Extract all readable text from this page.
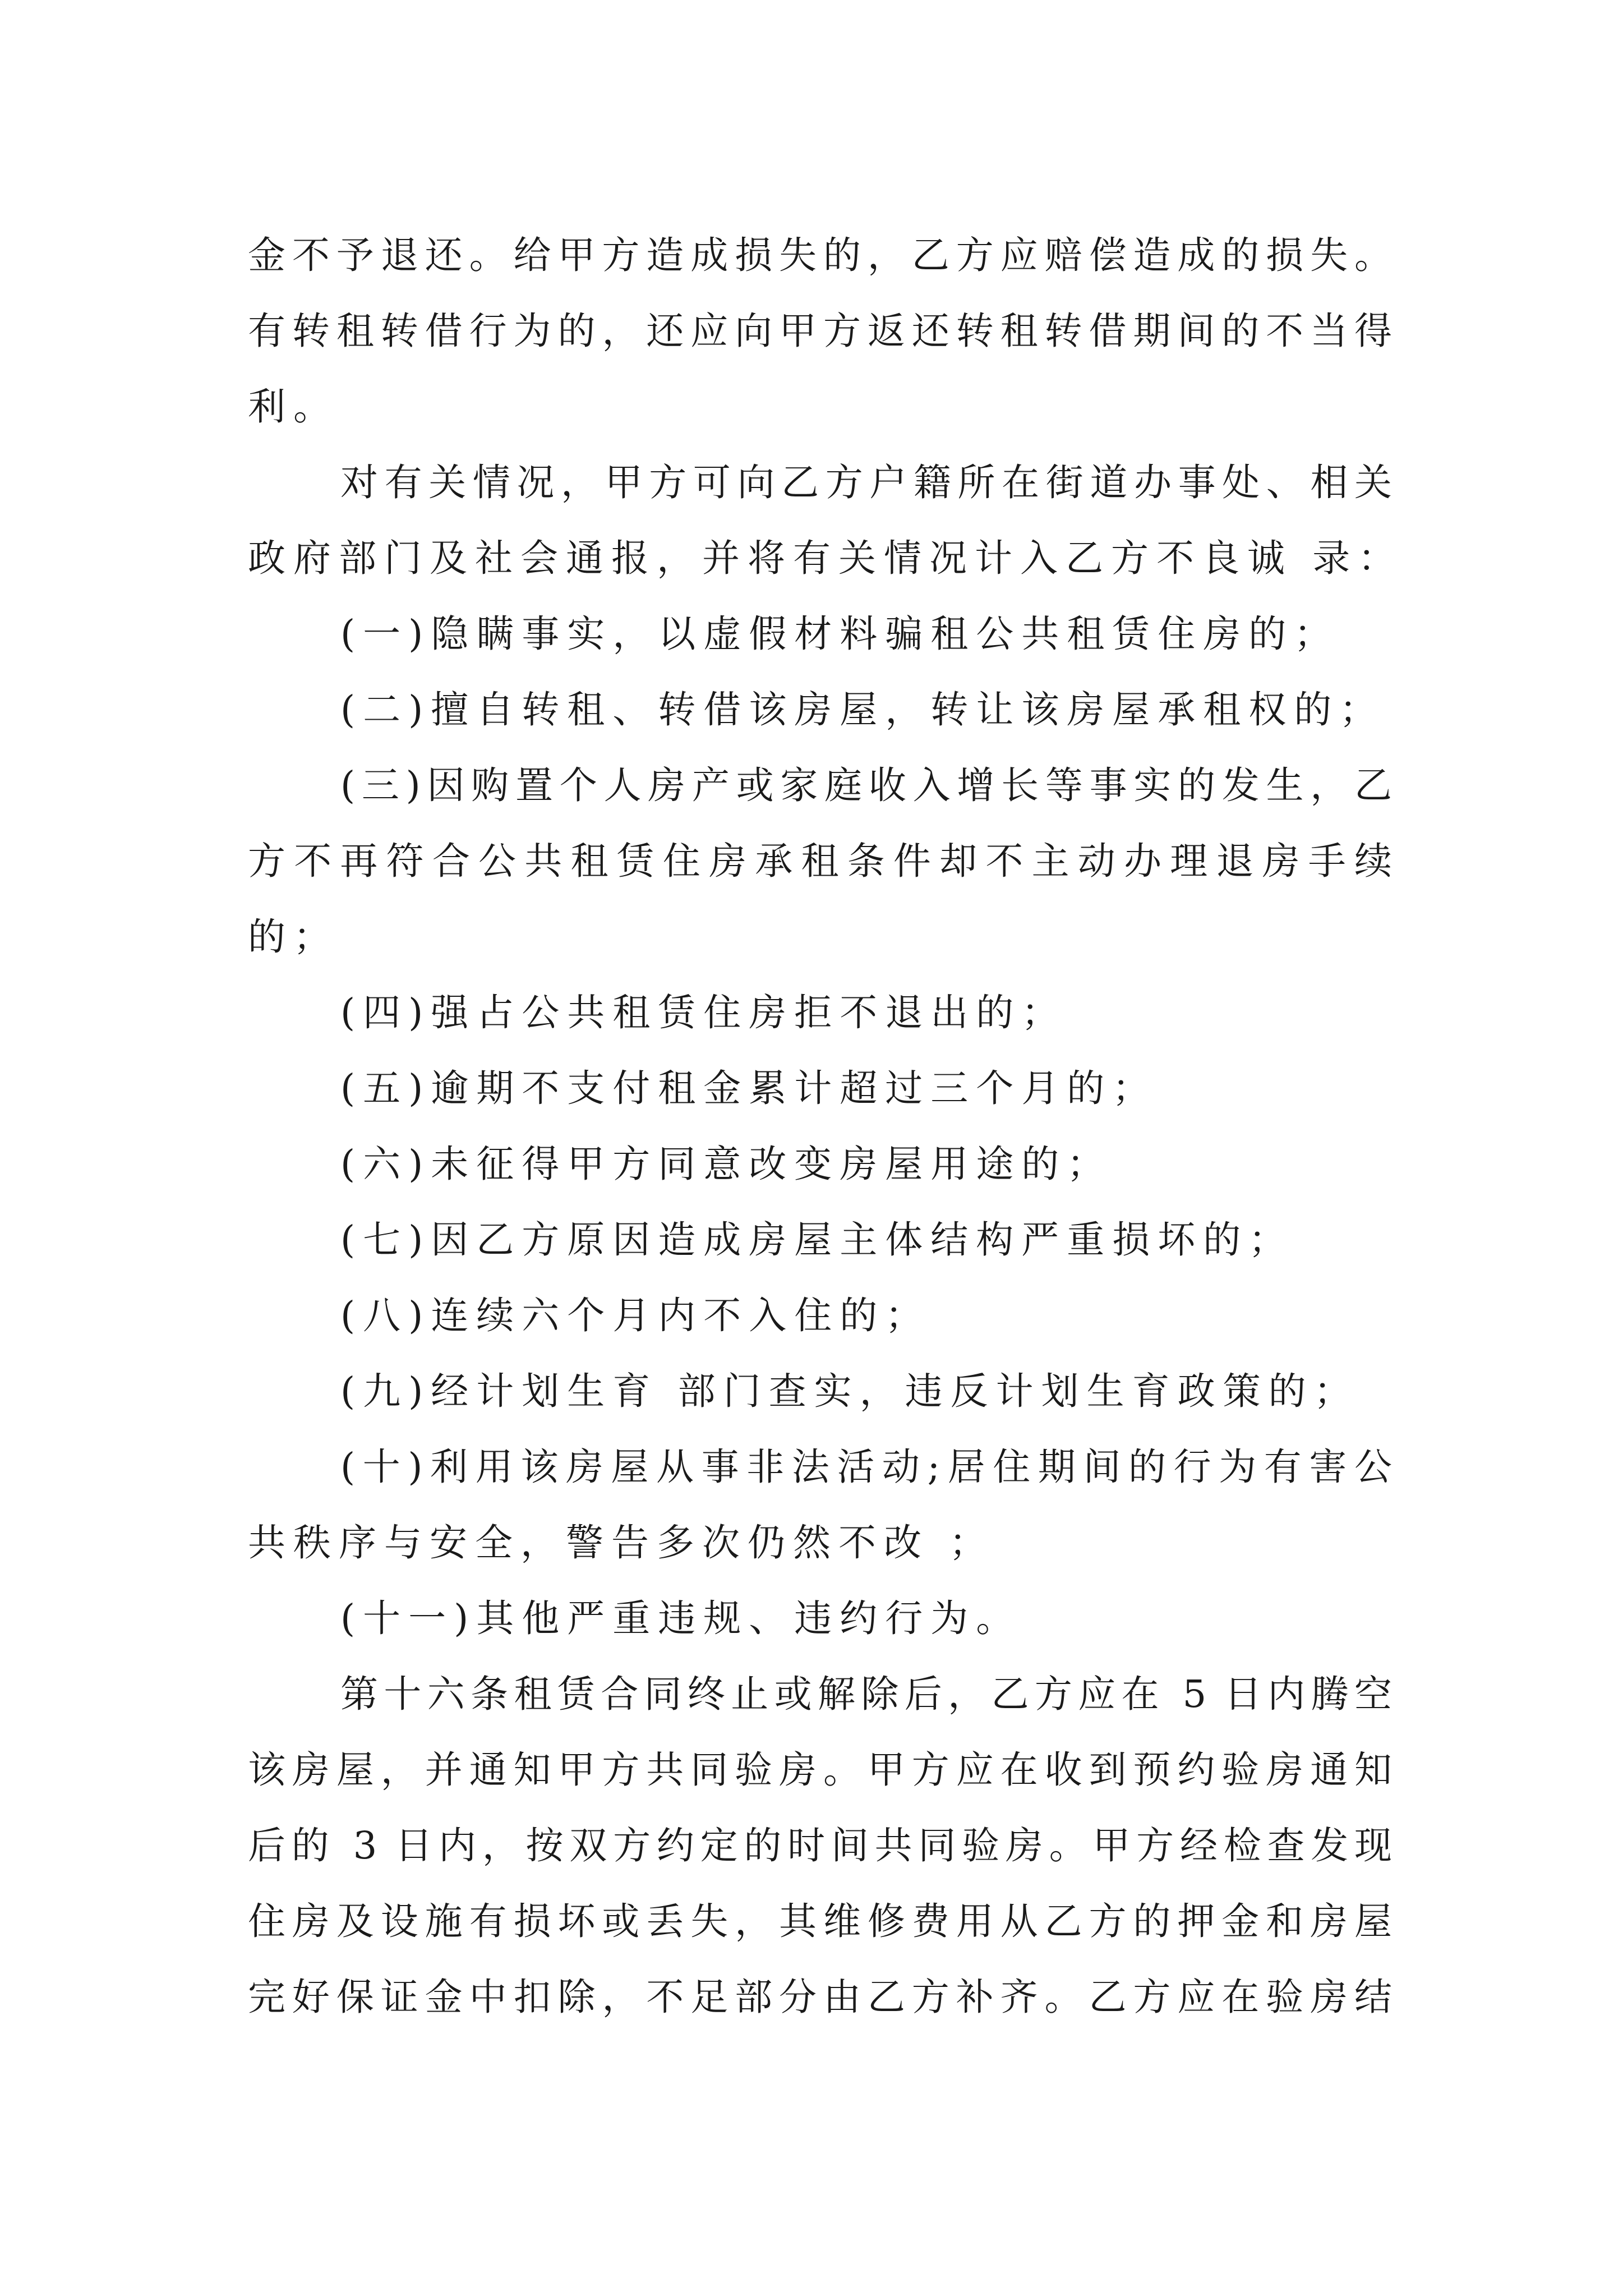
金不予退还。给甲方造成损失的，乙方应赔偿造成的损失。
有转租转借行为的，还应向甲方返还转租转借期间的不当得
利。
对有关情况，甲方可向乙方户籍所在街道办事处、相关
政府部门及社会通报，并将有关情况计入乙方不良诚 录：
(一)隐瞒事实，以虚假材料骗租公共租赁住房的；
(二)擅自转租、转借该房屋，转让该房屋承租权的；
(三)因购置个人房产或家庭收入增长等事实的发生，乙
方不再符合公共租赁住房承租条件却不主动办理退房手续
的；
(四)强占公共租赁住房拒不退出的；
(五)逾期不支付租金累计超过三个月的；
(六)未征得甲方同意改变房屋用途的；
(七)因乙方原因造成房屋主体结构严重损坏的；
(八)连续六个月内不入住的；
(九)经计划生育 部门查实，违反计划生育政策的；
(十)利用该房屋从事非法活动;居住期间的行为有害公
共秩序与安全，警告多次仍然不改 ；
(十一)其他严重违规、违约行为。
第十六条租赁合同终止或解除后，乙方应在 5 日内腾空
该房屋，并通知甲方共同验房。甲方应在收到预约验房通知
后的 3 日内，按双方约定的时间共同验房。甲方经检查发现
住房及设施有损坏或丢失，其维修费用从乙方的押金和房屋
完好保证金中扣除，不足部分由乙方补齐。乙方应在验房结
